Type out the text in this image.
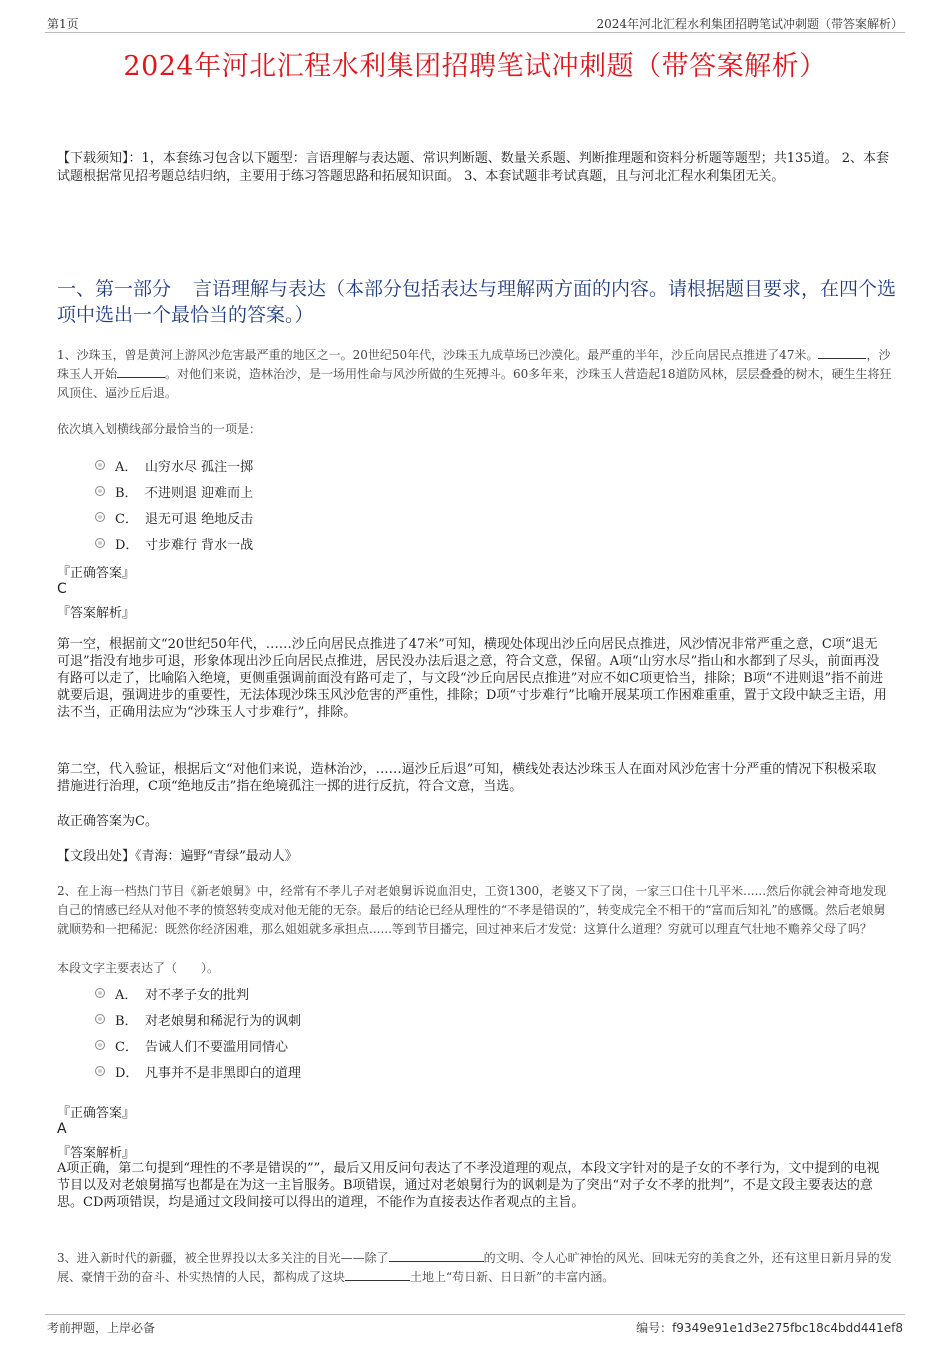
第1页	2024年河北汇程水利集团招聘笔试冲刺题（带答案解析）
2024年河北汇程水利集团招聘笔试冲刺题（带答案解析）
【下载须知】：1，本套练习包含以下题型：言语理解与表达题、常识判断题、数量关系题、判断推理题和资料分析题等题型；共135道。 2、本套试题根据常见招考题总结归纳，主要用于练习答题思路和拓展知识面。 3、本套试题非考试真题，且与河北汇程水利集团无关。
一、第一部分 言语理解与表达（本部分包括表达与理解两方面的内容。请根据题目要求，在四个选项中选出一个最恰当的答案。）
1、沙珠玉，曾是黄河上游风沙危害最严重的地区之一。20世纪50年代，沙珠玉九成草场已沙漠化。最严重的半年，沙丘向居民点推进了47米。	，沙珠玉人开始	。对他们来说，造林治沙，是一场用性命与风沙所做的生死搏斗。60多年来，沙珠玉人营造起18道防风林，层层叠叠的树木，硬生生将狂风顶住、逼沙丘后退。
依次填入划横线部分最恰当的一项是：
A． 山穷水尽 孤注一掷
B． 不进则退 迎难而上
C． 退无可退 绝地反击
D． 寸步难行 背水一战
『正确答案』
C
『答案解析』
第一空，根据前文“20世纪50年代，……沙丘向居民点推进了47米”可知，横现处体现出沙丘向居民点推进，风沙情况非常严重之意，C项“退无可退”指没有地步可退，形象体现出沙丘向居民点推进，居民没办法后退之意，符合文意，保留。A项“山穷水尽”指山和水都到了尽头，前面再没有路可以走了，比喻陷入绝境，更侧重强调前面没有路可走了，与文段“沙丘向居民点推进”对应不如C项更恰当，排除；B项“不进则退”指不前进就要后退，强调进步的重要性，无法体现沙珠玉风沙危害的严重性，排除；D项“寸步难行”比喻开展某项工作困难重重，置于文段中缺乏主语，用法不当，正确用法应为“沙珠玉人寸步难行”，排除。
第二空，代入验证，根据后文“对他们来说，造林治沙，……逼沙丘后退”可知，横线处表达沙珠玉人在面对风沙危害十分严重的情况下积极采取措施进行治理，C项“绝地反击”指在绝境孤注一掷的进行反抗，符合文意，当选。
故正确答案为C。
【文段出处】《青海：遍野“青绿”最动人》
2、在上海一档热门节目《新老娘舅》中，经常有不孝儿子对老娘舅诉说血泪史，工资1300，老婆又下了岗，一家三口住十几平米......然后你就会神奇地发现自己的情感已经从对他不孝的愤怒转变成对他无能的无奈。最后的结论已经从理性的“不孝是错误的”，转变成完全不相干的“富而后知礼”的感慨。然后老娘舅就顺势和一把稀泥：既然你经济困难，那么姐姐就多承担点......等到节目播完，回过神来后才发觉：这算什么道理？穷就可以理直气壮地不赡养父母了吗？
本段文字主要表达了（　　）。
A． 对不孝子女的批判
B． 对老娘舅和稀泥行为的讽刺
C． 告诫人们不要滥用同情心
D． 凡事并不是非黑即白的道理
『正确答案』
A
『答案解析』
A项正确，第二句提到“理性的不孝是错误的””，最后又用反问句表达了不孝没道理的观点，本段文字针对的是子女的不孝行为，文中提到的电视节目以及对老娘舅描写也都是在为这一主旨服务。B项错误，通过对老娘舅行为的讽刺是为了突出“对子女不孝的批判”，不是文段主要表达的意思。CD两项错误，均是通过文段间接可以得出的道理，不能作为直接表达作者观点的主旨。
3、进入新时代的新疆，被全世界投以太多关注的目光——除了	的文明、令人心旷神怡的风光、回味无穷的美食之外，还有这里日新月异的发展、豪情干劲的奋斗、朴实热情的人民，都构成了这块	土地上“苟日新、日日新”的丰富内涵。
考前押题，上岸必备	编号：f9349e91e1d3e275fbc18c4bdd441ef8
